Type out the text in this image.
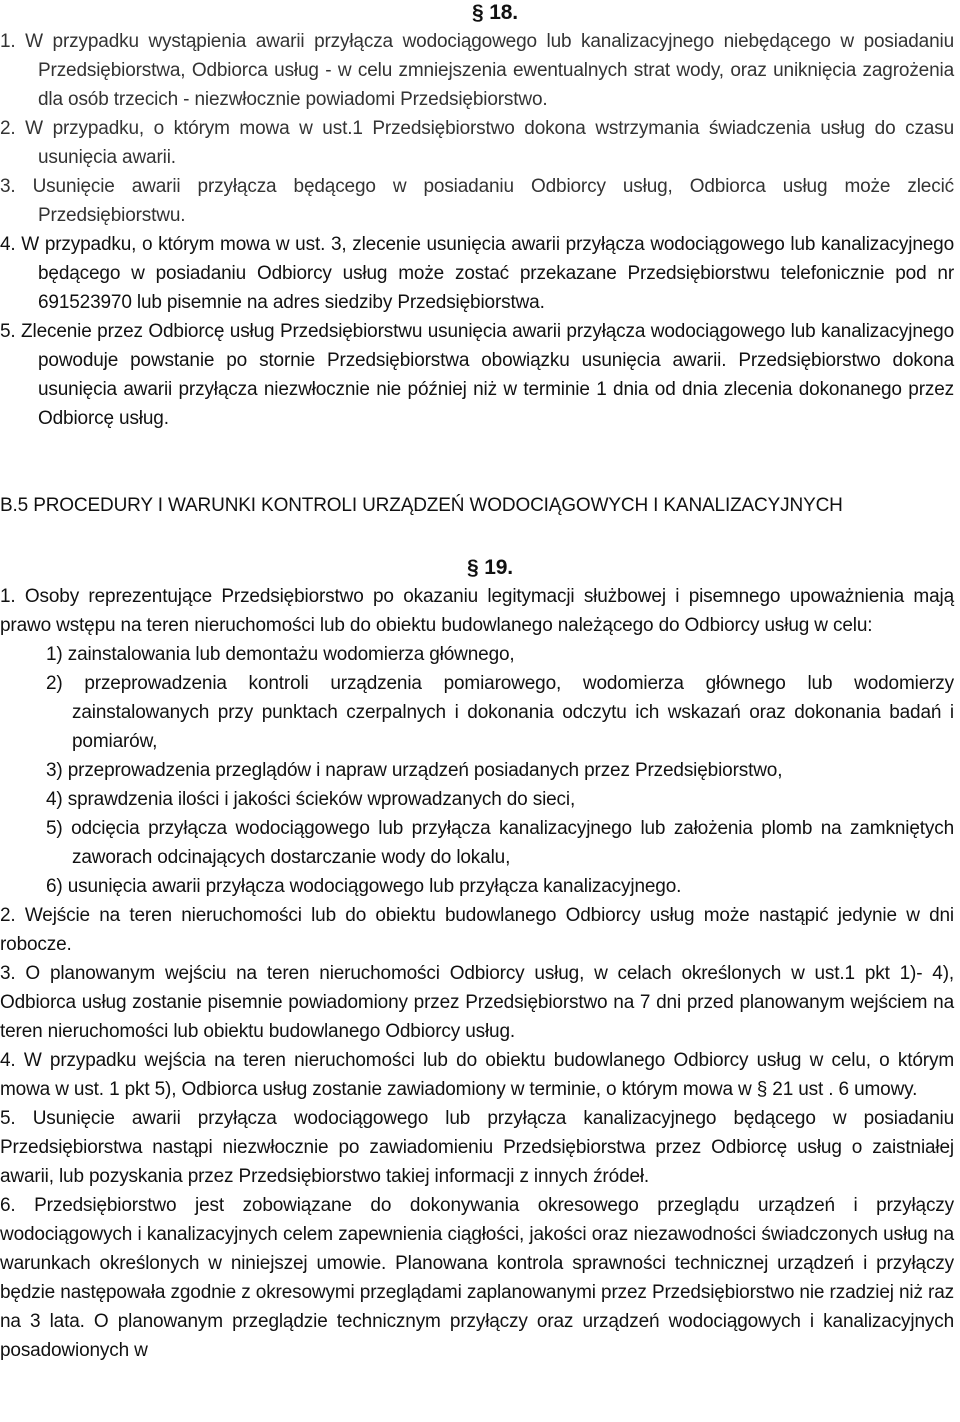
§ 18.

1. W przypadku wystąpienia awarii przyłącza wodociągowego lub kanalizacyjnego niebędącego w posiadaniu Przedsiębiorstwa, Odbiorca usług - w celu zmniejszenia ewentualnych strat wody, oraz uniknięcia zagrożenia dla osób trzecich - niezwłocznie powiadomi Przedsiębiorstwo.

2. W przypadku, o którym mowa w ust.1 Przedsiębiorstwo dokona wstrzymania świadczenia usług do czasu usunięcia awarii.

3. Usunięcie awarii przyłącza będącego w posiadaniu Odbiorcy usług, Odbiorca usług może zlecić Przedsiębiorstwu.

4. W przypadku, o którym mowa w ust. 3, zlecenie usunięcia awarii przyłącza wodociągowego lub kanalizacyjnego będącego w posiadaniu Odbiorcy usług może zostać przekazane Przedsiębiorstwu telefonicznie pod nr 691523970 lub pisemnie na adres siedziby Przedsiębiorstwa.

5. Zlecenie przez Odbiorcę usług Przedsiębiorstwu usunięcia awarii przyłącza wodociągowego lub kanalizacyjnego powoduje powstanie po stornie Przedsiębiorstwa obowiązku usunięcia awarii. Przedsiębiorstwo dokona usunięcia awarii przyłącza niezwłocznie nie później niż w terminie 1 dnia od dnia zlecenia dokonanego przez Odbiorcę usług.

B.5 PROCEDURY I WARUNKI KONTROLI URZĄDZEŃ WODOCIĄGOWYCH I KANALIZACYJNYCH

§ 19.

1. Osoby reprezentujące Przedsiębiorstwo po okazaniu legitymacji służbowej i pisemnego upoważnienia mają prawo wstępu na teren nieruchomości lub do obiektu budowlanego należącego do Odbiorcy usług w celu:

1) zainstalowania lub demontażu wodomierza głównego,

2) przeprowadzenia kontroli urządzenia pomiarowego, wodomierza głównego lub wodomierzy zainstalowanych przy punktach czerpalnych i dokonania odczytu ich wskazań oraz dokonania badań i pomiarów,

3) przeprowadzenia przeglądów i napraw urządzeń posiadanych przez Przedsiębiorstwo,

4) sprawdzenia ilości i jakości ścieków wprowadzanych do sieci,

5) odcięcia przyłącza wodociągowego lub przyłącza kanalizacyjnego lub założenia plomb na zamkniętych zaworach odcinających dostarczanie wody do lokalu,

6) usunięcia awarii przyłącza wodociągowego lub przyłącza kanalizacyjnego.

2. Wejście na teren nieruchomości lub do obiektu budowlanego Odbiorcy usług może nastąpić jedynie w dni robocze.

3. O planowanym wejściu na teren nieruchomości Odbiorcy usług, w celach określonych w ust.1 pkt 1)- 4), Odbiorca usług zostanie pisemnie powiadomiony przez Przedsiębiorstwo na 7 dni przed planowanym wejściem na teren nieruchomości lub obiektu budowlanego Odbiorcy usług.

4. W przypadku wejścia na teren nieruchomości lub do obiektu budowlanego Odbiorcy usług w celu, o którym mowa w ust. 1 pkt 5), Odbiorca usług zostanie zawiadomiony w terminie, o którym mowa w § 21 ust . 6 umowy.

5. Usunięcie awarii przyłącza wodociągowego lub przyłącza kanalizacyjnego będącego w posiadaniu Przedsiębiorstwa nastąpi niezwłocznie po zawiadomieniu Przedsiębiorstwa przez Odbiorcę usług o zaistniałej awarii, lub pozyskania przez Przedsiębiorstwo takiej informacji z innych źródeł.

6. Przedsiębiorstwo jest zobowiązane do dokonywania okresowego przeglądu urządzeń i przyłączy wodociągowych i kanalizacyjnych celem zapewnienia ciągłości, jakości oraz niezawodności świadczonych usług na warunkach określonych w niniejszej umowie. Planowana kontrola sprawności technicznej urządzeń i przyłączy będzie następowała zgodnie z okresowymi przeglądami zaplanowanymi przez Przedsiębiorstwo nie rzadziej niż raz na 3 lata. O planowanym przeglądzie technicznym przyłączy oraz urządzeń wodociągowych i kanalizacyjnych posadowionych w
